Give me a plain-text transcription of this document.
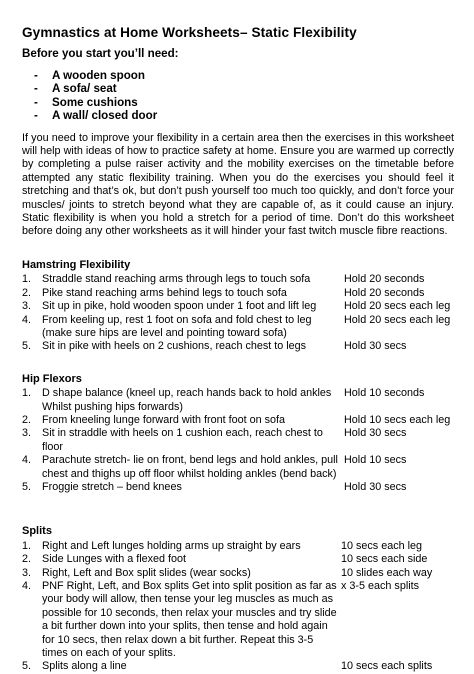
Gymnastics at Home Worksheets– Static Flexibility
Before you start you’ll need:
-	A wooden spoon
-	A sofa/ seat
-	Some cushions
-	A wall/ closed door

If you need to improve your flexibility in a certain area then the exercises in this worksheet will help with ideas of how to practice safety at home. Ensure you are warmed up correctly by completing a pulse raiser activity and the mobility exercises on the timetable before attempted any static flexibility training. When you do the exercises you should feel it stretching and that’s ok, but don’t push yourself too much too quickly, and don’t force your muscles/ joints to stretch beyond what they are capable of, as it could cause an injury. Static flexibility is when you hold a stretch for a period of time. Don’t do this worksheet before doing any other worksheets as it will hinder your fast twitch muscle fibre reactions.

Hamstring Flexibility
1.	Straddle stand reaching arms through legs to touch sofa	Hold 20 seconds
2.	Pike stand reaching arms behind legs to touch sofa	Hold 20 seconds
3.	Sit up in pike, hold wooden spoon under 1 foot and lift leg	Hold 20 secs each leg
4.	From keeling up, rest 1 foot on sofa and fold chest to leg (make sure hips are level and pointing toward sofa)
Hold 20 secs each leg
5.	Sit in pike with heels on 2 cushions, reach chest to legs	Hold 30 secs
Hip Flexors
1.	D shape balance (kneel up, reach hands back to hold ankles Whilst pushing hips forwards)
Hold 10 seconds
2.	From kneeling lunge forward with front foot on sofa	Hold 10 secs each leg
3.	Sit in straddle with heels on 1 cushion each, reach chest to floor
Hold 30 secs
4.	Parachute stretch- lie on front, bend legs and hold ankles, pull chest and thighs up off floor whilst holding ankles (bend back)
Hold 10 secs
5.	Froggie stretch – bend knees	Hold 30 secs
Splits
1.	Right and Left lunges holding arms up straight by ears	10 secs each leg
2.	Side Lunges with a flexed foot	10 secs each side
3.	Right, Left and Box split slides (wear socks)	10 slides each way
4.	PNF Right, Left, and Box splits Get into split position as far as your body will allow, then tense your leg muscles as much as possible for 10 seconds, then relax your muscles and try slide a bit further down into your splits, then tense and hold again for 10 secs, then relax down a bit further. Repeat this 3-5 times on each of your splits.
x 3-5 each splits
5.	Splits along a line	10 secs each splits
